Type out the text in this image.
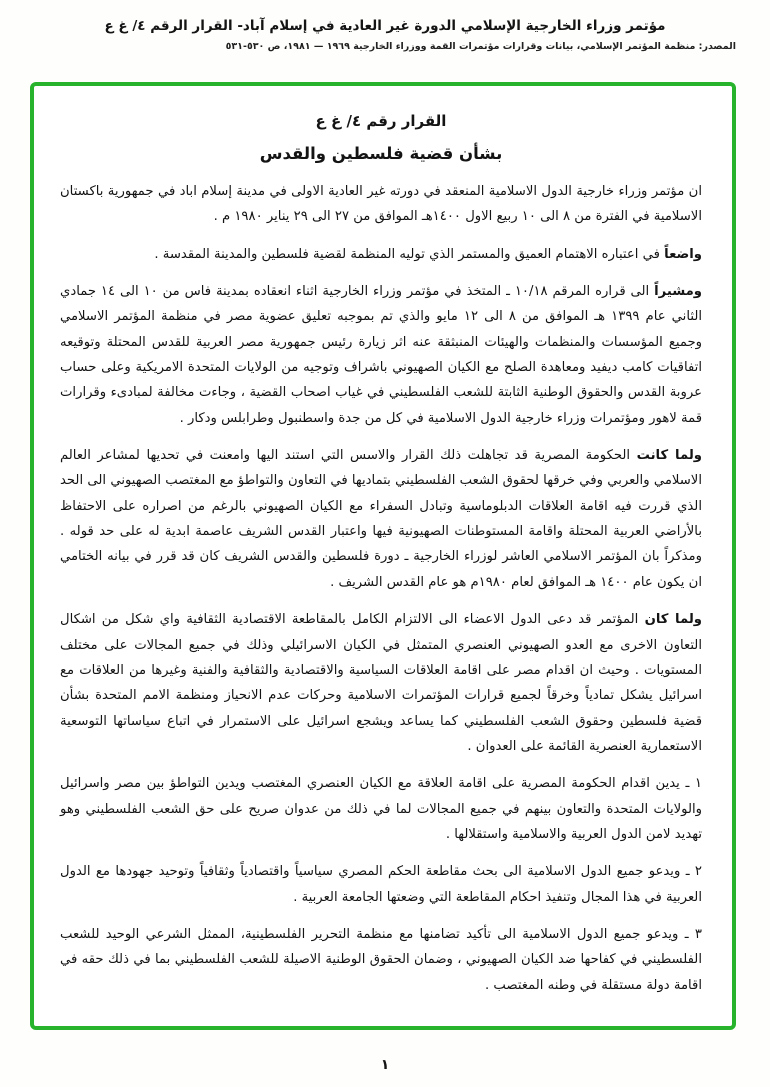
مؤتمر وزراء الخارجية الإسلامي الدورة غير العادية في إسلام آباد- القرار الرقم ٤/ غ ع
المصدر: منظمة المؤتمر الإسلامي، بيانات وقرارات مؤتمرات القمة ووزراء الخارجية ١٩٦٩ — ١٩٨١، ص ٥٣٠-٥٣١
القرار رقم ٤/ غ ع
بشأن قضية فلسطين والقدس

ان مؤتمر وزراء خارجية الدول الاسلامية المنعقد في دورته غير العادية الاولى في مدينة إسلام اباد في جمهورية باكستان الاسلامية في الفترة من ٨ الى ١٠ ربيع الاول ١٤٠٠هـ الموافق من ٢٧ الى ٢٩ يناير ١٩٨٠ م .

واضعاً في اعتباره الاهتمام العميق والمستمر الذي توليه المنظمة لقضية فلسطين والمدينة المقدسة .

ومشيراً الى قراره المرقم ١٠/١٨ ـ المتخذ في مؤتمر وزراء الخارجية اثناء انعقاده بمدينة فاس من ١٠ الى ١٤ جمادي الثاني عام ١٣٩٩ هـ الموافق من ٨ الى ١٢ مايو والذي تم بموجبه تعليق عضوية مصر في منظمة المؤتمر الاسلامي وجميع المؤسسات والمنظمات والهيئات المنبثقة عنه اثر زيارة رئيس جمهورية مصر العربية للقدس المحتلة وتوقيعه اتفاقيات كامب ديفيد ومعاهدة الصلح مع الكيان الصهيوني باشراف وتوجيه من الولايات المتحدة الامريكية وعلى حساب عروبة القدس والحقوق الوطنية الثابتة للشعب الفلسطيني في غياب اصحاب القضية ، وجاءت مخالفة لمبادىء وقرارات قمة لاهور ومؤتمرات وزراء خارجية الدول الاسلامية في كل من جدة واسطنبول وطرابلس ودكار .

ولما كانت الحكومة المصرية قد تجاهلت ذلك القرار والاسس التي استند اليها وامعنت في تحديها لمشاعر العالم الاسلامي والعربي وفي خرقها لحقوق الشعب الفلسطيني بتماديها في التعاون والتواطؤ مع المغتصب الصهيوني الى الحد الذي قررت فيه اقامة العلاقات الدبلوماسية وتبادل السفراء مع الكيان الصهيوني بالرغم من اصراره على الاحتفاظ بالأراضي العربية المحتلة واقامة المستوطنات الصهيونية فيها واعتبار القدس الشريف عاصمة ابدية له على حد قوله . ومذكراً بان المؤتمر الاسلامي العاشر لوزراء الخارجية ـ دورة فلسطين والقدس الشريف كان قد قرر في بيانه الختامي ان يكون عام ١٤٠٠ هـ الموافق لعام ١٩٨٠م هو عام القدس الشريف .

ولما كان المؤتمر قد دعى الدول الاعضاء الى الالتزام الكامل بالمقاطعة الاقتصادية الثقافية واي شكل من اشكال التعاون الاخرى مع العدو الصهيوني العنصري المتمثل في الكيان الاسرائيلي وذلك في جميع المجالات على مختلف المستويات . وحيث ان اقدام مصر على اقامة العلاقات السياسية والاقتصادية والثقافية والفنية وغيرها من العلاقات مع اسرائيل يشكل تمادياً وخرقاً لجميع قرارات المؤتمرات الاسلامية وحركات عدم الانحياز ومنظمة الامم المتحدة بشأن قضية فلسطين وحقوق الشعب الفلسطيني كما يساعد ويشجع اسرائيل على الاستمرار في اتباع سياساتها التوسعية الاستعمارية العنصرية القائمة على العدوان .

١ ـ يدين اقدام الحكومة المصرية على اقامة العلاقة مع الكيان العنصري المغتصب ويدين التواطؤ بين مصر واسرائيل والولايات المتحدة والتعاون بينهم في جميع المجالات لما في ذلك من عدوان صريح على حق الشعب الفلسطيني وهو تهديد لامن الدول العربية والاسلامية واستقلالها .

٢ ـ ويدعو جميع الدول الاسلامية الى بحث مقاطعة الحكم المصري سياسياً واقتصادياً وثقافياً وتوحيد جهودها مع الدول العربية في هذا المجال وتنفيذ احكام المقاطعة التي وضعتها الجامعة العربية .

٣ ـ ويدعو جميع الدول الاسلامية الى تأكيد تضامنها مع منظمة التحرير الفلسطينية، الممثل الشرعي الوحيد للشعب الفلسطيني في كفاحها ضد الكيان الصهيوني ، وضمان الحقوق الوطنية الاصيلة للشعب الفلسطيني بما في ذلك حقه في اقامة دولة مستقلة في وطنه المغتصب .

١
